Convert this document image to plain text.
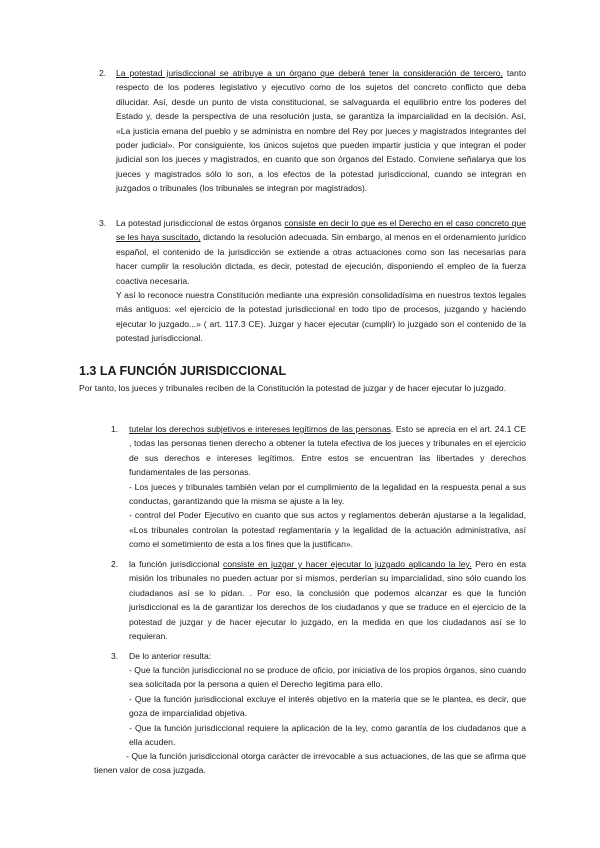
2. La potestad jurisdiccional se atribuye a un órgano que deberá tener la consideración de tercero, tanto respecto de los poderes legislativo y ejecutivo como de los sujetos del concreto conflicto que deba dilucidar. Así, desde un punto de vista constitucional, se salvaguarda el equilibrio entre los poderes del Estado y, desde la perspectiva de una resolución justa, se garantiza la imparcialidad en la decisión. Así, «La justicia emana del pueblo y se administra en nombre del Rey por jueces y magistrados integrantes del poder judicial». Por consiguiente, los únicos sujetos que pueden impartir justicia y que integran el poder judicial son los jueces y magistrados, en cuanto que son órganos del Estado. Conviene señalarya que los jueces y magistrados sólo lo son, a los efectos de la potestad jurisdiccional, cuando se integran en juzgados o tribunales (los tribunales se integran por magistrados).

3. La potestad jurisdiccional de estos órganos consiste en decir lo que es el Derecho en el caso concreto que se les haya suscitado, dictando la resolución adecuada. Sin embargo, al menos en el ordenamiento jurídico español, el contenido de la jurisdicción se extiende a otras actuaciones como son las necesarias para hacer cumplir la resolución dictada, es decir, potestad de ejecución, disponiendo el empleo de la fuerza coactiva necesaria.
Y así lo reconoce nuestra Constitución mediante una expresión consolidadísima en nuestros textos legales más antiguos: «el ejercicio de la potestad jurisdiccional en todo tipo de procesos, juzgando y haciendo ejecutar lo juzgado...» ( art. 117.3 CE). Juzgar y hacer ejecutar (cumplir) lo juzgado son el contenido de la potestad jurisdiccional.

1.3 LA FUNCIÓN JURISDICCIONAL

Por tanto, los jueces y tribunales reciben de la Constitución la potestad de juzgar y de hacer ejecutar lo juzgado.

1. tutelar los derechos subjetivos e intereses legítimos de las personas. Esto se aprecia en el art. 24.1 CE , todas las personas tienen derecho a obtener la tutela efectiva de los jueces y tribunales en el ejercicio de sus derechos e intereses legítimos. Entre estos se encuentran las libertades y derechos fundamentales de las personas.
- Los jueces y tribunales también velan por el cumplimiento de la legalidad en la respuesta penal a sus conductas, garantizando que la misma se ajuste a la ley.
- control del Poder Ejecutivo en cuanto que sus actos y reglamentos deberán ajustarse a la legalidad, «Los tribunales controlan la potestad reglamentaria y la legalidad de la actuación administrativa, así como el sometimiento de esta a los fines que la justifican».

2. la función jurisdiccional consiste en juzgar y hacer ejecutar lo juzgado aplicando la ley. Pero en esta misión los tribunales no pueden actuar por sí mismos, perderían su imparcialidad, sino sólo cuando los ciudadanos así se lo pidan. . Por eso, la conclusión que podemos alcanzar es que la función jurisdiccional es la de garantizar los derechos de los ciudadanos y que se traduce en el ejercicio de la potestad de juzgar y de hacer ejecutar lo juzgado, en la medida en que los ciudadanos así se lo requieran.

3. De lo anterior resulta:

- Que la función jurisdiccional no se produce de oficio, por iniciativa de los propios órganos, sino cuando sea solicitada por la persona a quien el Derecho legitima para ello.
- Que la función jurisdiccional excluye el interés objetivo en la materia que se le plantea, es decir, que goza de imparcialidad objetiva.
- Que la función jurisdiccional requiere la aplicación de la ley, como garantía de los ciudadanos que a ella acuden.

- Que la función jurisdiccional otorga carácter de irrevocable a sus actuaciones, de las que se afirma que tienen valor de cosa juzgada.
